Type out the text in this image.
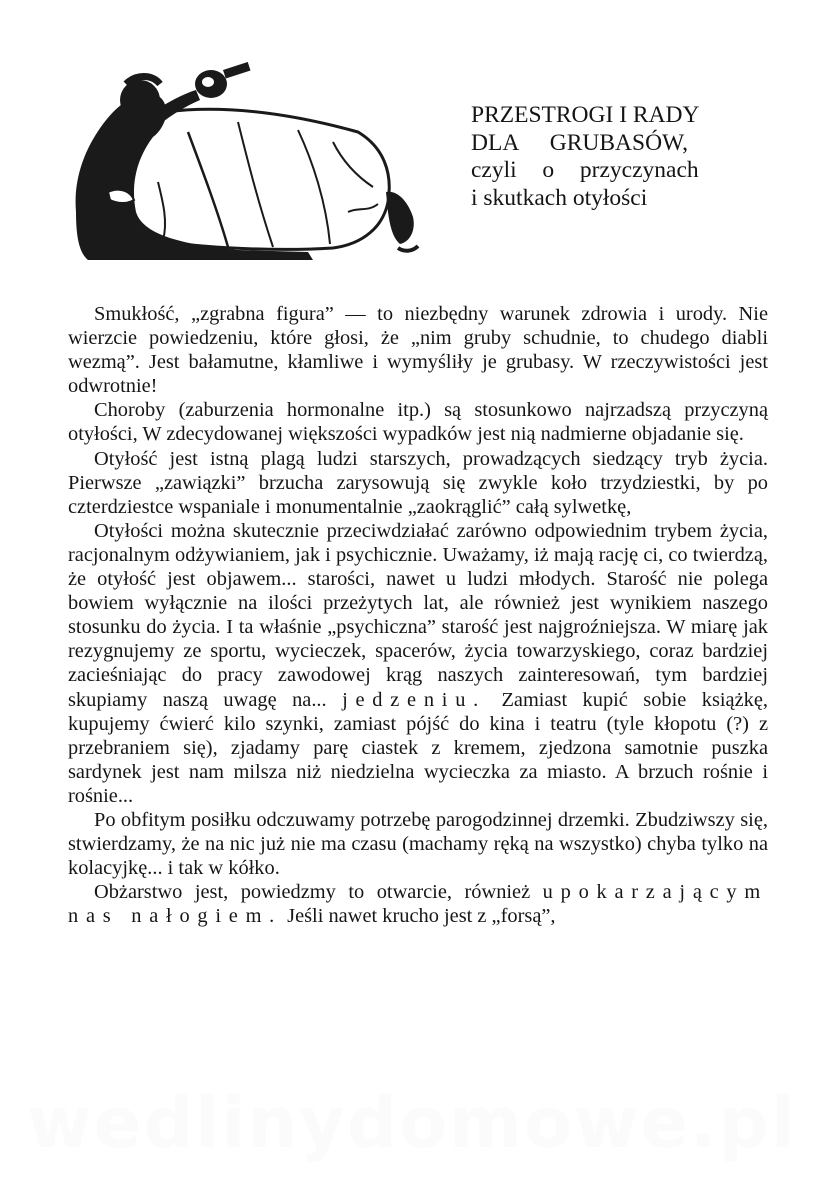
PRZESTROGI I RADY
DLA  GRUBASÓW,
czyli  o  przyczynach
i skutkach otyłości

Smukłość, „zgrabna figura” — to niezbędny warunek zdrowia i urody. Nie wierzcie powiedzeniu, które głosi, że „nim gruby schudnie, to chudego diabli wezmą”. Jest bałamutne, kłamliwe i wymyśliły je grubasy. W rzeczywistości jest odwrotnie!

Choroby (zaburzenia hormonalne itp.) są stosunkowo najrzadszą przyczyną otyłości, W zdecydowanej większości wypadków jest nią nadmierne objadanie się.

Otyłość jest istną plagą ludzi starszych, prowadzących siedzący tryb życia. Pierwsze „zawiązki” brzucha zarysowują się zwykle koło trzydziestki, by po czterdziestce wspaniale i monumentalnie „zaokrąglić” całą sylwetkę,

Otyłości można skutecznie przeciwdziałać zarówno odpowiednim trybem życia, racjonalnym odżywianiem, jak i psychicznie. Uważamy, iż mają rację ci, co twierdzą, że otyłość jest objawem... starości, nawet u ludzi młodych. Starość nie polega bowiem wyłącznie na ilości przeżytych lat, ale również jest wynikiem naszego stosunku do życia. I ta właśnie „psychiczna” starość jest najgroźniejsza. W miarę jak rezygnujemy ze sportu, wycieczek, spacerów, życia towarzyskiego, coraz bardziej zacieśniając do pracy zawodowej krąg naszych zainteresowań, tym bardziej skupiamy naszą uwagę na... jedzeniu. Zamiast kupić sobie książkę, kupujemy ćwierć kilo szynki, zamiast pójść do kina i teatru (tyle kłopotu (?) z przebraniem się), zjadamy parę ciastek z kremem, zjedzona samotnie puszka sardynek jest nam milsza niż niedzielna wycieczka za miasto. A brzuch rośnie i rośnie...

Po obfitym posiłku odczuwamy potrzebę parogodzinnej drzemki. Zbudziwszy się, stwierdzamy, że na nic już nie ma czasu (machamy ręką na wszystko) chyba tylko na kolacyjkę... i tak w kółko.

Obżarstwo jest, powiedzmy to otwarcie, również upokarzającym nas nałogiem. Jeśli nawet krucho jest z „forsą”,

wedlinydomowe.pl
